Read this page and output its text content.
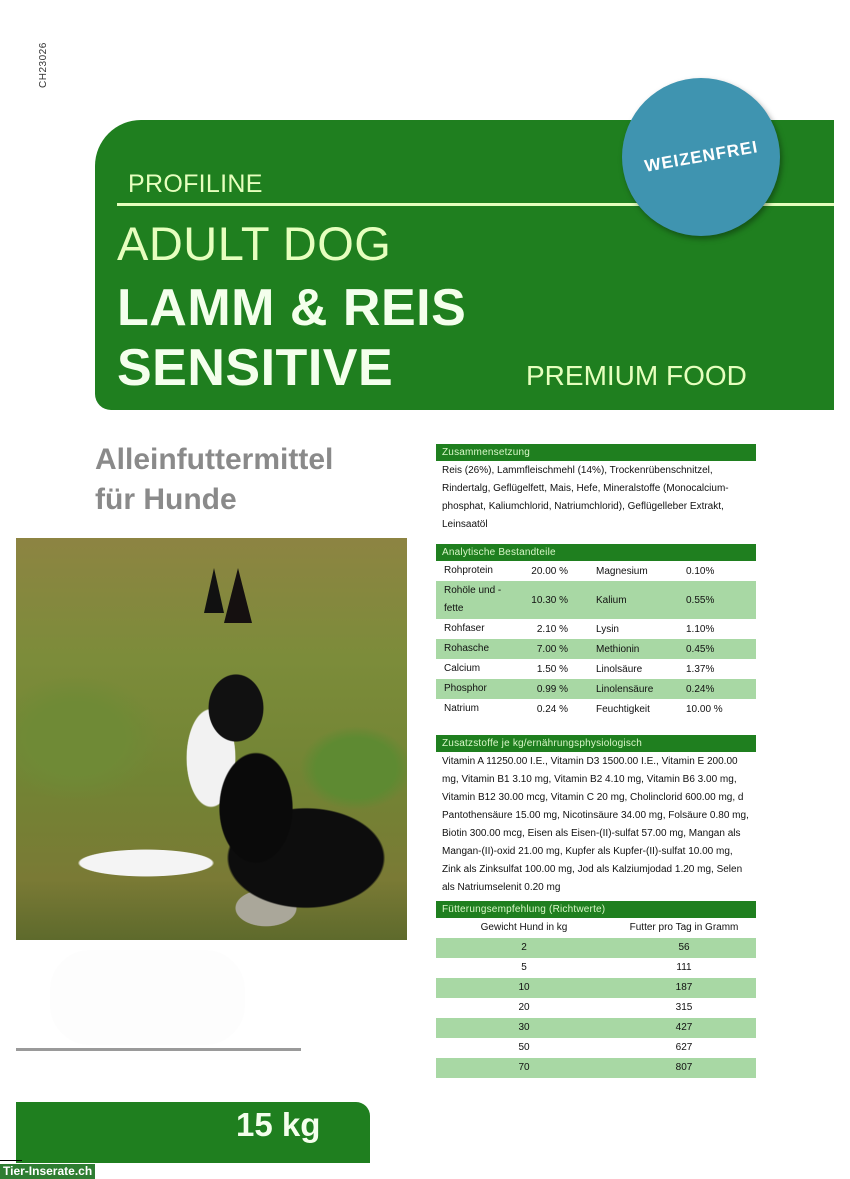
CH23026
PROFILINE
ADULT DOG
LAMM & REIS
SENSITIVE	PREMIUM FOOD
WEIZENFREI
Alleinfuttermittel
für Hunde
15 kg
Tier-Inserate.ch
Zusammensetzung
Reis (26%), Lammfleischmehl (14%), Trockenrübenschnitzel, Rindertalg, Geflügelfett, Mais, Hefe, Mineralstoffe (Monocalcium-phosphat, Kaliumchlorid, Natriumchlorid), Geflügelleber Extrakt, Leinsaatöl
Analytische Bestandteile
Rohprotein	20.00 %	Magnesium	0.10%
Rohöle und -fette
10.30 %	Kalium	0.55%
Rohfaser	2.10 %	Lysin	1.10%
Rohasche	7.00 %	Methionin	0.45%
Calcium	1.50 %	Linolsäure	1.37%
Phosphor	0.99 %	Linolensäure	0.24%
Natrium	0.24 %	Feuchtigkeit	10.00 %
Zusatzstoffe je kg/ernährungsphysiologisch
Vitamin A 11250.00 I.E., Vitamin D3 1500.00 I.E., Vitamin E 200.00 mg, Vitamin B1 3.10 mg, Vitamin B2 4.10 mg, Vitamin B6 3.00 mg, Vitamin B12 30.00 mcg, Vitamin C 20 mg, Cholinclorid 600.00 mg, d Pantothensäure 15.00 mg, Nicotinsäure 34.00 mg, Folsäure 0.80 mg, Biotin 300.00 mcg, Eisen als Eisen-(II)-sulfat 57.00 mg, Mangan als Mangan-(II)-oxid 21.00 mg, Kupfer als Kupfer-(II)-sulfat 10.00 mg, Zink als Zinksulfat 100.00 mg, Jod als Kalziumjodad 1.20 mg, Selen als Natriumselenit 0.20 mg
Fütterungsempfehlung (Richtwerte)
Gewicht Hund in kg	Futter pro Tag in Gramm
2	56
5	111
10	187
20	315
30	427
50	627
70	807
